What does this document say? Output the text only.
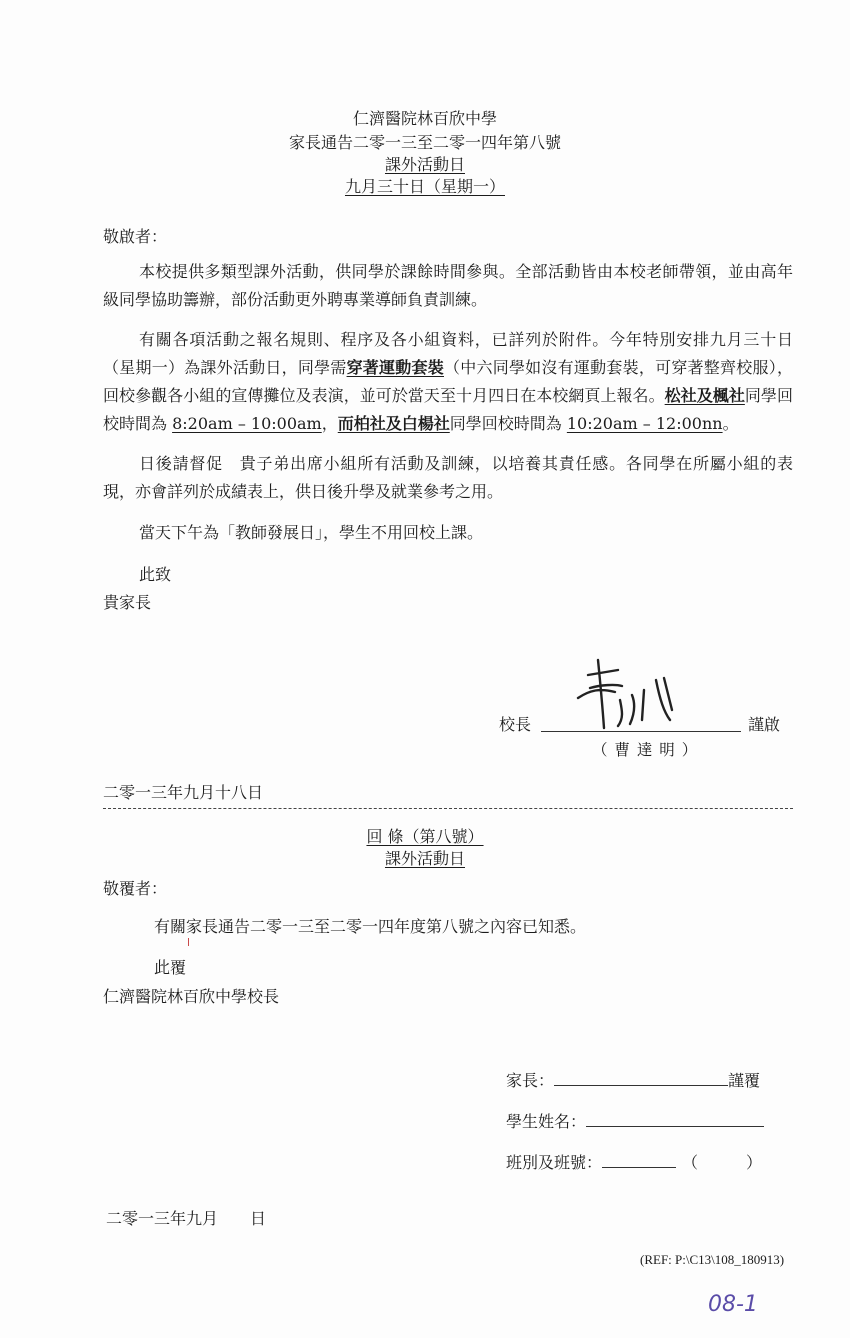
仁濟醫院林百欣中學
家長通告二零一三至二零一四年第八號
課外活動日
九月三十日（星期一）
敬啟者：
本校提供多類型課外活動，供同學於課餘時間參與。全部活動皆由本校老師帶領，並由高年級同學協助籌辦，部份活動更外聘專業導師負責訓練。
有關各項活動之報名規則、程序及各小組資料，已詳列於附件。今年特別安排九月三十日（星期一）為課外活動日，同學需穿著運動套裝（中六同學如沒有運動套裝，可穿著整齊校服），回校參觀各小組的宣傳攤位及表演，並可於當天至十月四日在本校網頁上報名。松社及楓社同學回校時間為 8:20am – 10:00am，而柏社及白楊社同學回校時間為 10:20am – 12:00nn。
日後請督促　貴子弟出席小組所有活動及訓練，以培養其責任感。各同學在所屬小組的表現，亦會詳列於成績表上，供日後升學及就業參考之用。
當天下午為「教師發展日」，學生不用回校上課。
此致
貴家長
校長	謹啟
（ 曹 達 明 ）
二零一三年九月十八日
回 條（第八號）
課外活動日
敬覆者：
有關家長通告二零一三至二零一四年度第八號之內容已知悉。
此覆
仁濟醫院林百欣中學校長
家長：	謹覆
學生姓名：
班別及班號：	（	）
二零一三年九月　　日
(REF: P:\C13\108_180913)
08-1
